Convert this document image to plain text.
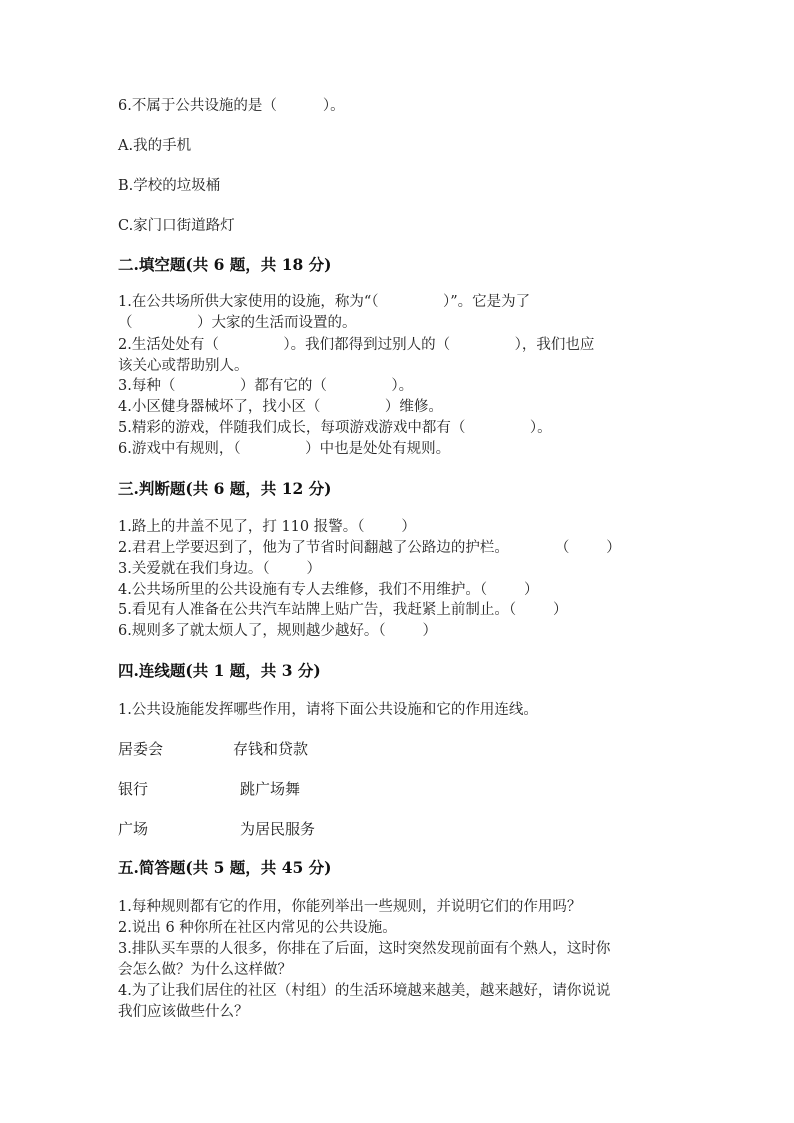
6.不属于公共设施的是（          ）。
A.我的手机
B.学校的垃圾桶
C.家门口街道路灯
二.填空题(共 6 题，共 18 分)
1.在公共场所供大家使用的设施，称为“（              ）”。它是为了
（              ）大家的生活而设置的。
2.生活处处有（              ）。我们都得到过别人的（              ），我们也应
该关心或帮助别人。
3.每种（              ）都有它的（              ）。
4.小区健身器械坏了，找小区（              ）维修。
5.精彩的游戏，伴随我们成长，每项游戏游戏中都有（              ）。
6.游戏中有规则，（              ）中也是处处有规则。
三.判断题(共 6 题，共 12 分)
1.路上的井盖不见了，打 110 报警。（        ）
2.君君上学要迟到了，他为了节省时间翻越了公路边的护栏。          （        ）
3.关爱就在我们身边。（        ）
4.公共场所里的公共设施有专人去维修，我们不用维护。（        ）
5.看见有人准备在公共汽车站牌上贴广告，我赶紧上前制止。（        ）
6.规则多了就太烦人了，规则越少越好。（        ）
四.连线题(共 1 题，共 3 分)
1.公共设施能发挥哪些作用，请将下面公共设施和它的作用连线。
居委会	存钱和贷款
银行	跳广场舞
广场	为居民服务
五.简答题(共 5 题，共 45 分)
1.每种规则都有它的作用，你能列举出一些规则，并说明它们的作用吗？
2.说出 6 种你所在社区内常见的公共设施。
3.排队买车票的人很多，你排在了后面，这时突然发现前面有个熟人，这时你
会怎么做？为什么这样做？
4.为了让我们居住的社区（村组）的生活环境越来越美，越来越好，请你说说
我们应该做些什么？
